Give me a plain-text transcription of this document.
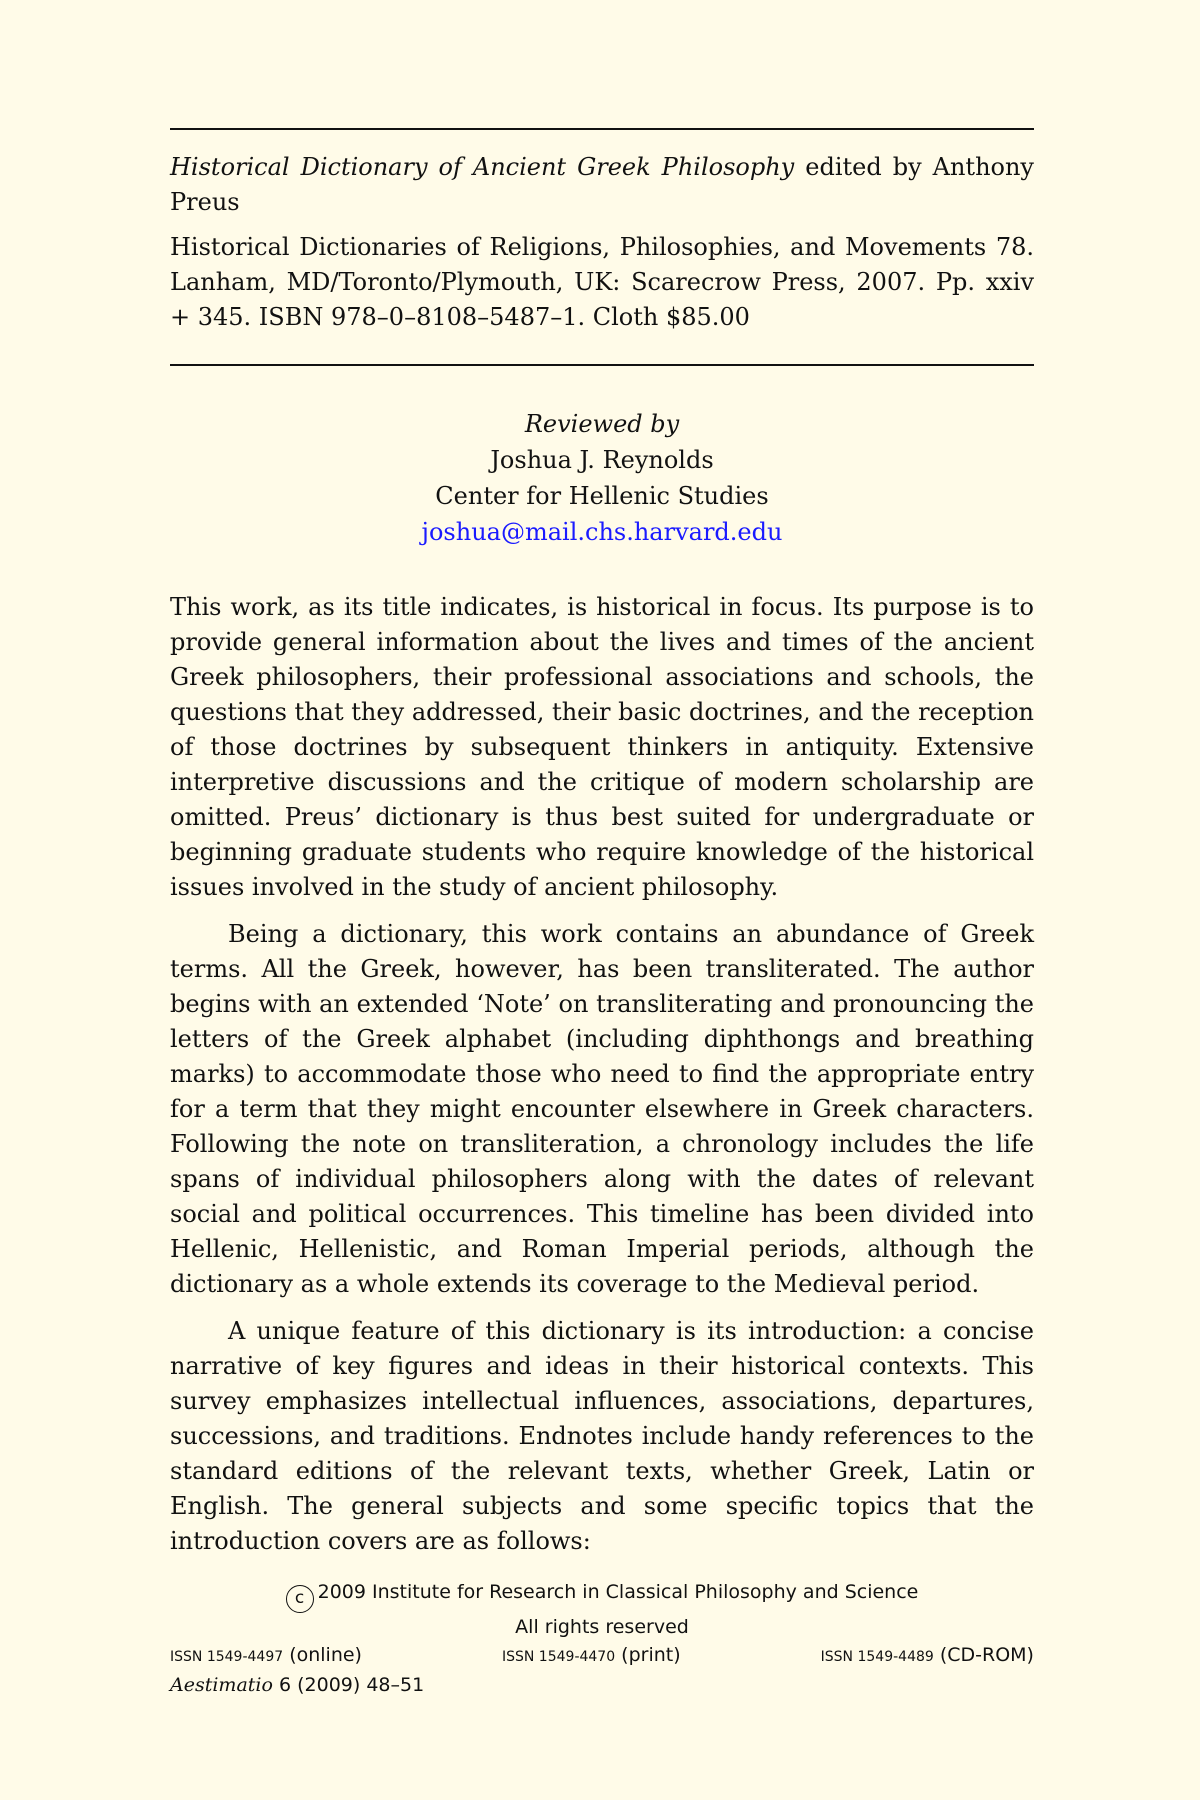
Historical Dictionary of Ancient Greek Philosophy edited by Anthony Preus
Historical Dictionaries of Religions, Philosophies, and Movements 78. Lanham, MD/Toronto/Plymouth, UK: Scarecrow Press, 2007. Pp. xxiv + 345. ISBN 978–0–8108–5487–1. Cloth $85.00
Reviewed by
Joshua J. Reynolds
Center for Hellenic Studies
joshua@mail.chs.harvard.edu

This work, as its title indicates, is historical in focus. Its purpose is to provide general information about the lives and times of the ancient Greek philosophers, their professional associations and schools, the questions that they addressed, their basic doctrines, and the reception of those doctrines by subsequent thinkers in antiquity. Extensive interpretive discussions and the critique of modern scholarship are omitted. Preus’ dictionary is thus best suited for undergraduate or beginning graduate students who require knowledge of the historical issues involved in the study of ancient philosophy.

Being a dictionary, this work contains an abundance of Greek terms. All the Greek, however, has been transliterated. The author begins with an extended ‘Note’ on transliterating and pronouncing the letters of the Greek alphabet (including diphthongs and breathing marks) to accommodate those who need to find the appropriate entry for a term that they might encounter elsewhere in Greek characters. Following the note on transliteration, a chronology includes the life spans of individual philosophers along with the dates of relevant social and political occurrences. This timeline has been divided into Hellenic, Hellenistic, and Roman Imperial periods, although the dictionary as a whole extends its coverage to the Medieval period.

A unique feature of this dictionary is its introduction: a concise narrative of key figures and ideas in their historical contexts. This survey emphasizes intellectual influences, associations, departures, successions, and traditions. Endnotes include handy references to the standard editions of the relevant texts, whether Greek, Latin or English. The general subjects and some specific topics that the introduction covers are as follows:

c 2009 Institute for Research in Classical Philosophy and Science
All rights reserved
ISSN 1549-4497 (online)	ISSN 1549-4470 (print)	ISSN 1549-4489 (CD-ROM)
Aestimatio 6 (2009) 48–51
